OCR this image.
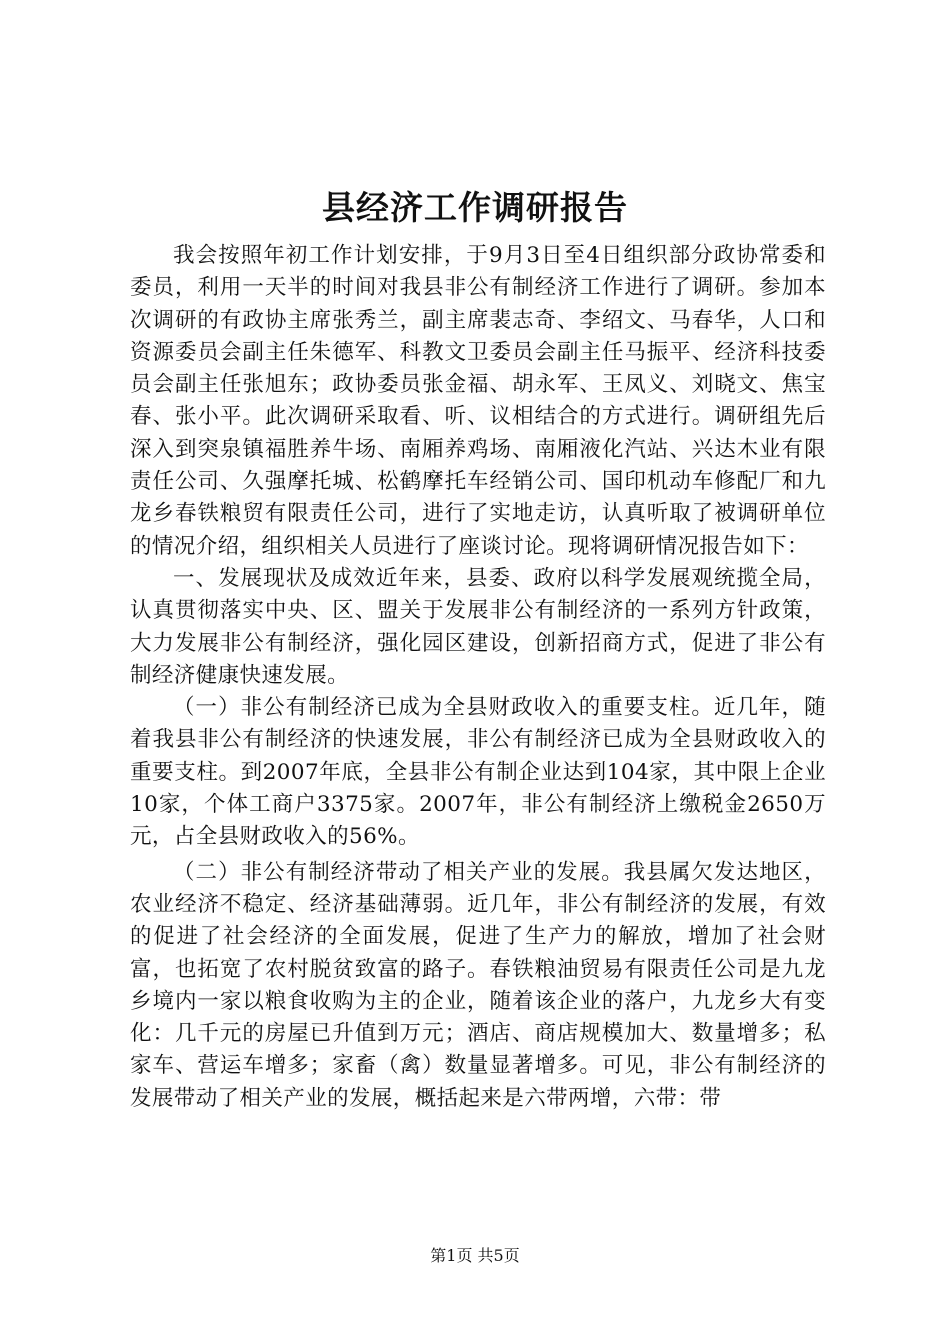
县经济工作调研报告

我会按照年初工作计划安排，于9月3日至4日组织部分政协常委和委员，利用一天半的时间对我县非公有制经济工作进行了调研。参加本次调研的有政协主席张秀兰，副主席裴志奇、李绍文、马春华，人口和资源委员会副主任朱德军、科教文卫委员会副主任马振平、经济科技委员会副主任张旭东；政协委员张金福、胡永军、王凤义、刘晓文、焦宝春、张小平。此次调研采取看、听、议相结合的方式进行。调研组先后深入到突泉镇福胜养牛场、南厢养鸡场、南厢液化汽站、兴达木业有限责任公司、久强摩托城、松鹤摩托车经销公司、国印机动车修配厂和九龙乡春铁粮贸有限责任公司，进行了实地走访，认真听取了被调研单位的情况介绍，组织相关人员进行了座谈讨论。现将调研情况报告如下：

一、发展现状及成效近年来，县委、政府以科学发展观统揽全局，认真贯彻落实中央、区、盟关于发展非公有制经济的一系列方针政策，大力发展非公有制经济，强化园区建设，创新招商方式，促进了非公有制经济健康快速发展。

（一）非公有制经济已成为全县财政收入的重要支柱。近几年，随着我县非公有制经济的快速发展，非公有制经济已成为全县财政收入的重要支柱。到2007年底，全县非公有制企业达到104家，其中限上企业10家，个体工商户3375家。2007年，非公有制经济上缴税金2650万元，占全县财政收入的56%。

（二）非公有制经济带动了相关产业的发展。我县属欠发达地区，农业经济不稳定、经济基础薄弱。近几年，非公有制经济的发展，有效的促进了社会经济的全面发展，促进了生产力的解放，增加了社会财富，也拓宽了农村脱贫致富的路子。春铁粮油贸易有限责任公司是九龙乡境内一家以粮食收购为主的企业，随着该企业的落户，九龙乡大有变化：几千元的房屋已升值到万元；酒店、商店规模加大、数量增多；私家车、营运车增多；家畜（禽）数量显著增多。可见，非公有制经济的发展带动了相关产业的发展，概括起来是六带两增，六带：带

第1页 共5页
